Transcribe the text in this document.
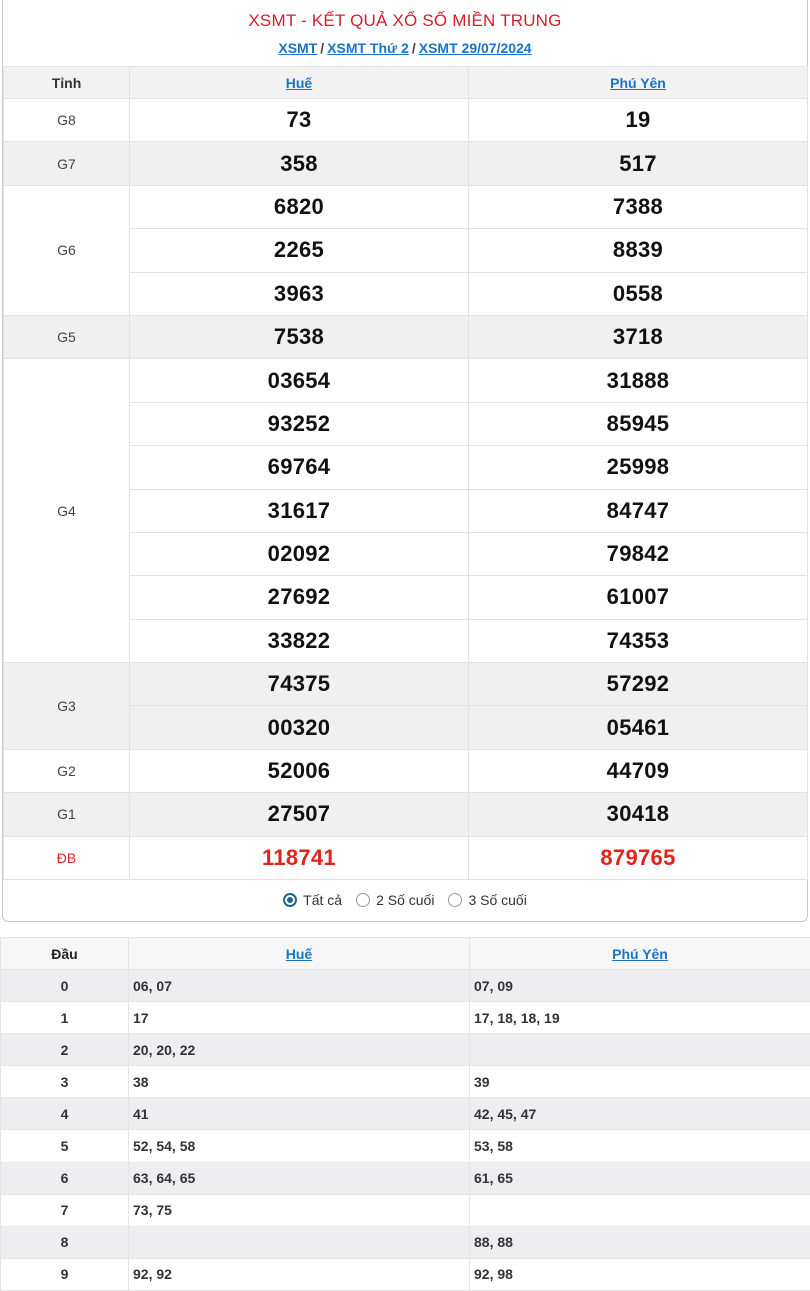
XSMT - KẾT QUẢ XỔ SỐ MIỀN TRUNG
XSMT / XSMT Thứ 2 / XSMT 29/07/2024
Tỉnh	Huế	Phú Yên
G8	73	19
G7	358	517
G6	6820	7388
	2265	8839
	3963	0558
G5	7538	3718
G4	03654	31888
	93252	85945
	69764	25998
	31617	84747
	02092	79842
	27692	61007
	33822	74353
G3	74375	57292
	00320	05461
G2	52006	44709
G1	27507	30418
ĐB	118741	879765
Tất cả 2 Số cuối 3 Số cuối
Đầu	Huế	Phú Yên
0	06, 07	07, 09
1	17	17, 18, 18, 19
2	20, 20, 22	
3	38	39
4	41	42, 45, 47
5	52, 54, 58	53, 58
6	63, 64, 65	61, 65
7	73, 75	
8		88, 88
9	92, 92	92, 98
